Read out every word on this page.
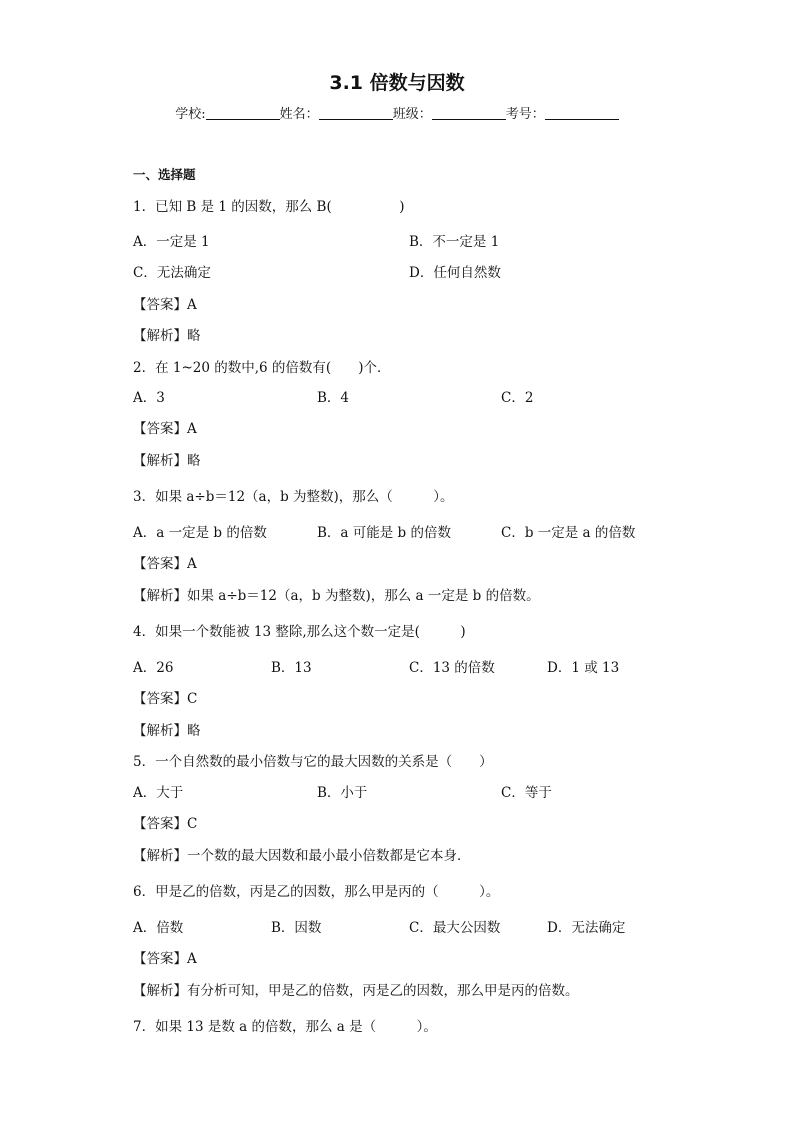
3.1 倍数与因数
学校:	姓名：	班级：	考号：
一、选择题
1．已知 B 是 1 的因数，那么 B(　　　　　)
A．一定是 1	B．不一定是 1
C．无法确定	D．任何自然数
【答案】A
【解析】略
2．在 1~20 的数中,6 的倍数有(　　)个．
A．3	B．4	C．2
【答案】A
【解析】略
3．如果 a÷b＝12（a，b 为整数)，那么（　　　）。
A．a 一定是 b 的倍数	B．a 可能是 b 的倍数	C．b 一定是 a 的倍数
【答案】A
【解析】如果 a÷b＝12（a，b 为整数)，那么 a 一定是 b 的倍数。
4．如果一个数能被 13 整除,那么这个数一定是(　　　)
A．26	B．13	C．13 的倍数	D．1 或 13
【答案】C
【解析】略
5．一个自然数的最小倍数与它的最大因数的关系是（　　）
A．大于	B．小于	C．等于
【答案】C
【解析】一个数的最大因数和最小最小倍数都是它本身．
6．甲是乙的倍数，丙是乙的因数，那么甲是丙的（　　　）。
A．倍数	B．因数	C．最大公因数	D．无法确定
【答案】A
【解析】有分析可知，甲是乙的倍数，丙是乙的因数，那么甲是丙的倍数。
7．如果 13 是数 a 的倍数，那么 a 是（　　　）。
